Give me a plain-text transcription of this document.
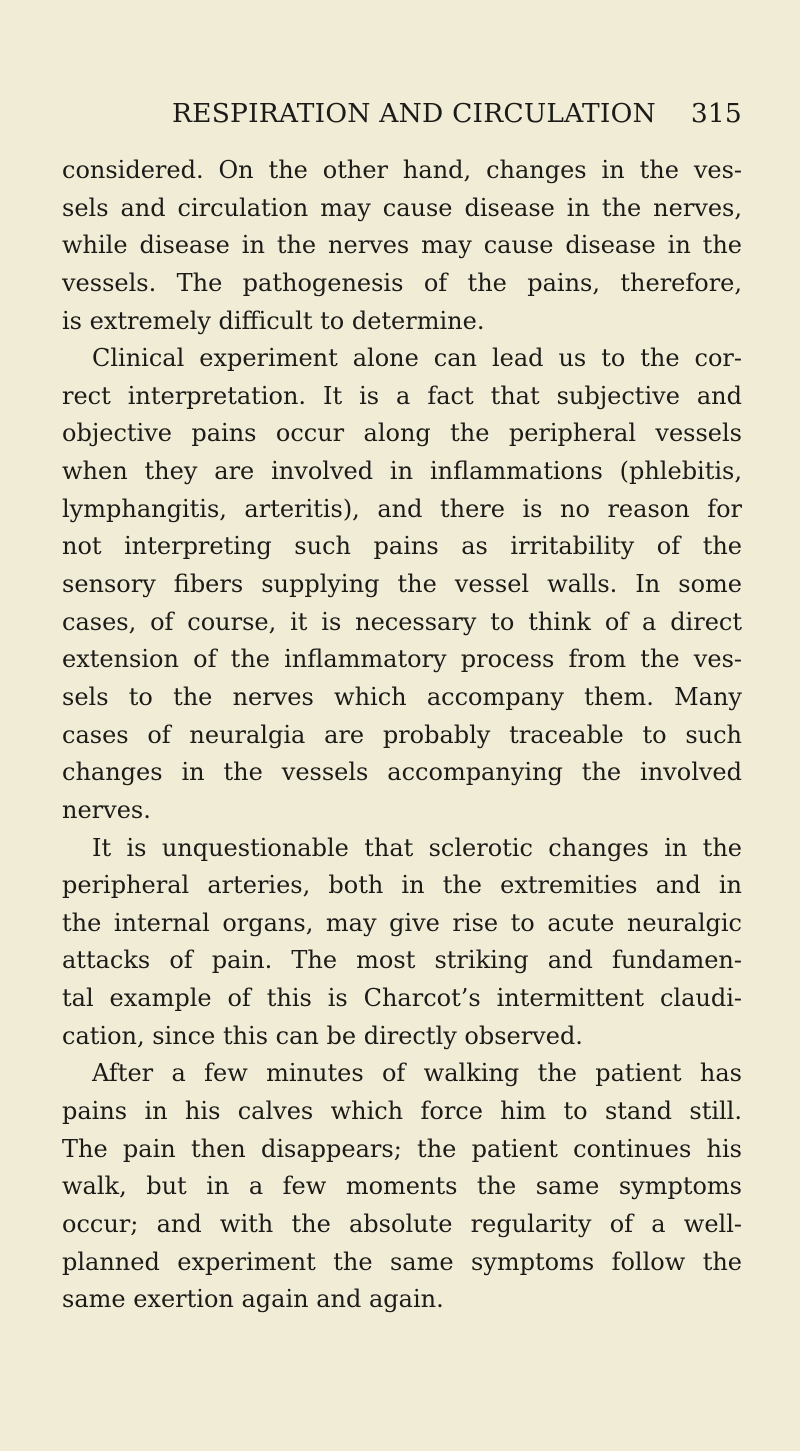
RESPIRATION AND CIRCULATION 315
considered. On the other hand, changes in the ves-
sels and circulation may cause disease in the nerves,
while disease in the nerves may cause disease in the
vessels. The pathogenesis of the pains, therefore,
is extremely difficult to determine.
Clinical experiment alone can lead us to the cor-
rect interpretation. It is a fact that subjective and
objective pains occur along the peripheral vessels
when they are involved in inflammations (phlebitis,
lymphangitis, arteritis), and there is no reason for
not interpreting such pains as irritability of the
sensory fibers supplying the vessel walls. In some
cases, of course, it is necessary to think of a direct
extension of the inflammatory process from the ves-
sels to the nerves which accompany them. Many
cases of neuralgia are probably traceable to such
changes in the vessels accompanying the involved
nerves.
It is unquestionable that sclerotic changes in the
peripheral arteries, both in the extremities and in
the internal organs, may give rise to acute neuralgic
attacks of pain. The most striking and fundamen-
tal example of this is Charcot’s intermittent claudi-
cation, since this can be directly observed.
After a few minutes of walking the patient has
pains in his calves which force him to stand still.
The pain then disappears; the patient continues his
walk, but in a few moments the same symptoms
occur; and with the absolute regularity of a well-
planned experiment the same symptoms follow the
same exertion again and again.
